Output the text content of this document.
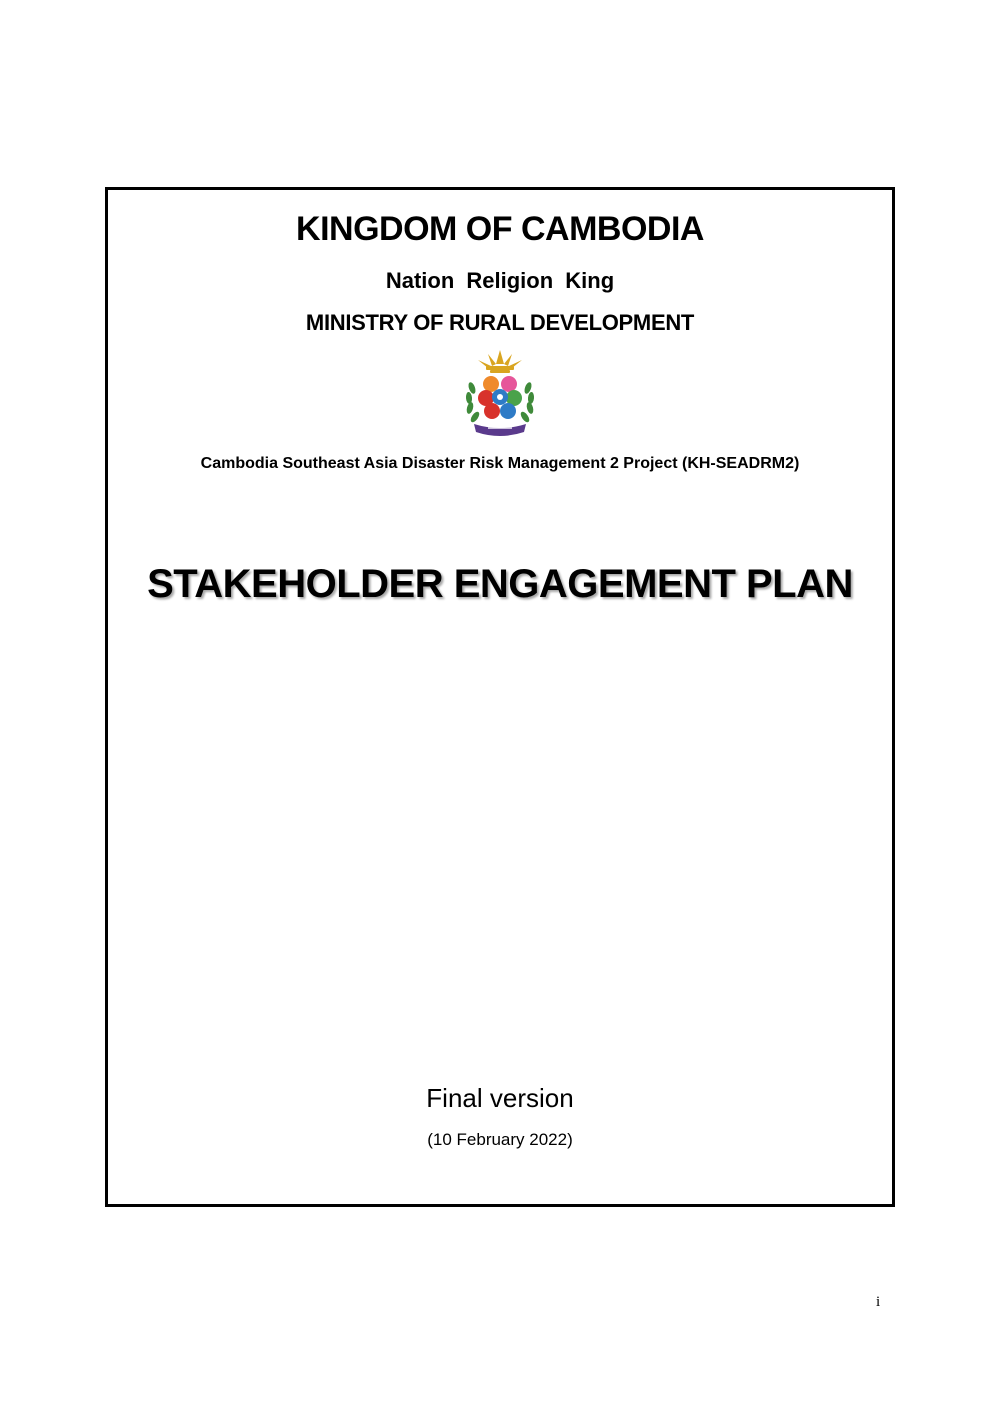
KINGDOM OF CAMBODIA
Nation Religion King
MINISTRY OF RURAL DEVELOPMENT
Cambodia Southeast Asia Disaster Risk Management 2 Project (KH-SEADRM2)
STAKEHOLDER ENGAGEMENT PLAN
Final version
(10 February 2022)
i
